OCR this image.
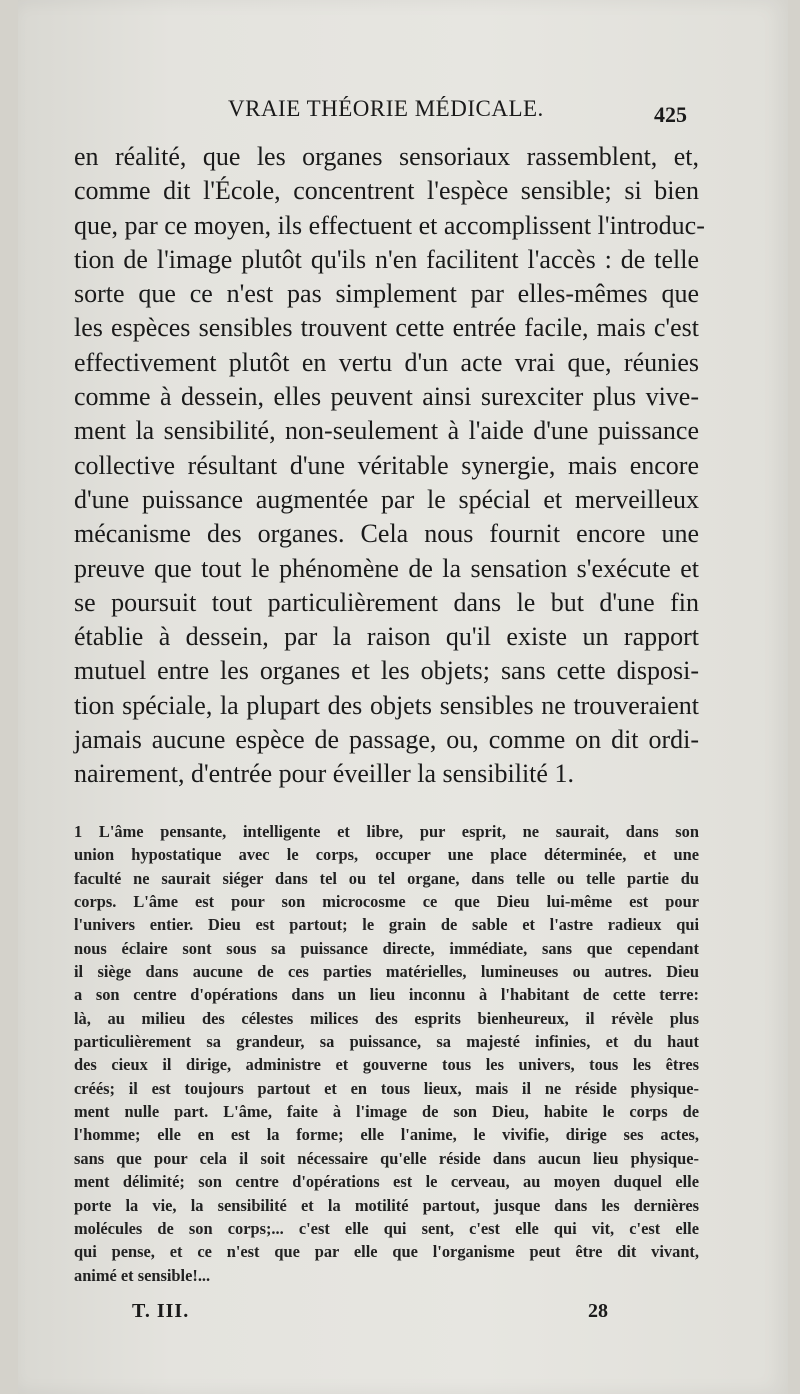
VRAIE THÉORIE MÉDICALE.	425
en réalité, que les organes sensoriaux rassemblent, et,
comme dit l'École, concentrent l'espèce sensible; si bien
que, par ce moyen, ils effectuent et accomplissent l'introduc-
tion de l'image plutôt qu'ils n'en facilitent l'accès : de telle
sorte que ce n'est pas simplement par elles-mêmes que
les espèces sensibles trouvent cette entrée facile, mais c'est
effectivement plutôt en vertu d'un acte vrai que, réunies
comme à dessein, elles peuvent ainsi surexciter plus vive-
ment la sensibilité, non-seulement à l'aide d'une puissance
collective résultant d'une véritable synergie, mais encore
d'une puissance augmentée par le spécial et merveilleux
mécanisme des organes. Cela nous fournit encore une
preuve que tout le phénomène de la sensation s'exécute et
se poursuit tout particulièrement dans le but d'une fin
établie à dessein, par la raison qu'il existe un rapport
mutuel entre les organes et les objets; sans cette disposi-
tion spéciale, la plupart des objets sensibles ne trouveraient
jamais aucune espèce de passage, ou, comme on dit ordi-
nairement, d'entrée pour éveiller la sensibilité 1.
1 L'âme pensante, intelligente et libre, pur esprit, ne saurait, dans son
union hypostatique avec le corps, occuper une place déterminée, et une
faculté ne saurait siéger dans tel ou tel organe, dans telle ou telle partie du
corps. L'âme est pour son microcosme ce que Dieu lui-même est pour
l'univers entier. Dieu est partout; le grain de sable et l'astre radieux qui
nous éclaire sont sous sa puissance directe, immédiate, sans que cependant
il siège dans aucune de ces parties matérielles, lumineuses ou autres. Dieu
a son centre d'opérations dans un lieu inconnu à l'habitant de cette terre:
là, au milieu des célestes milices des esprits bienheureux, il révèle plus
particulièrement sa grandeur, sa puissance, sa majesté infinies, et du haut
des cieux il dirige, administre et gouverne tous les univers, tous les êtres
créés; il est toujours partout et en tous lieux, mais il ne réside physique-
ment nulle part. L'âme, faite à l'image de son Dieu, habite le corps de
l'homme; elle en est la forme; elle l'anime, le vivifie, dirige ses actes,
sans que pour cela il soit nécessaire qu'elle réside dans aucun lieu physique-
ment délimité; son centre d'opérations est le cerveau, au moyen duquel elle
porte la vie, la sensibilité et la motilité partout, jusque dans les dernières
molécules de son corps;... c'est elle qui sent, c'est elle qui vit, c'est elle
qui pense, et ce n'est que par elle que l'organisme peut être dit vivant,
animé et sensible!...
T. III.	28
